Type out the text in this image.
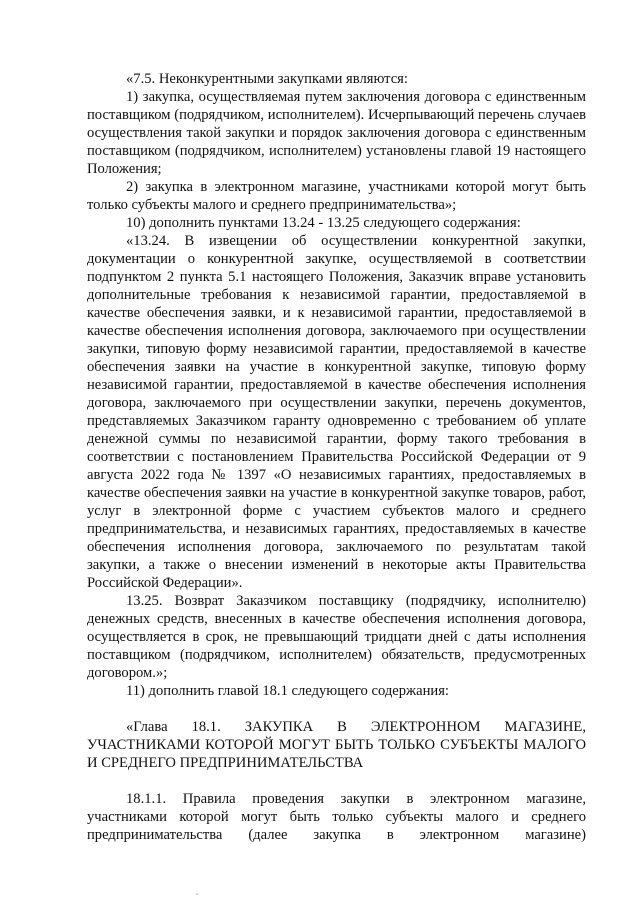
«7.5. Неконкурентными закупками являются:

1) закупка, осуществляемая путем заключения договора с единственным поставщиком (подрядчиком, исполнителем). Исчерпывающий перечень случаев осуществления такой закупки и порядок заключения договора с единственным поставщиком (подрядчиком, исполнителем) установлены главой 19 настоящего Положения;

2) закупка в электронном магазине, участниками которой могут быть только субъекты малого и среднего предпринимательства»;

10) дополнить пунктами 13.24 - 13.25 следующего содержания:

«13.24. В извещении об осуществлении конкурентной закупки, документации о конкурентной закупке, осуществляемой в соответствии подпунктом 2 пункта 5.1 настоящего Положения, Заказчик вправе установить дополнительные требования к независимой гарантии, предоставляемой в качестве обеспечения заявки, и к независимой гарантии, предоставляемой в качестве обеспечения исполнения договора, заключаемого при осуществлении закупки, типовую форму независимой гарантии, предоставляемой в качестве обеспечения заявки на участие в конкурентной закупке, типовую форму независимой гарантии, предоставляемой в качестве обеспечения исполнения договора, заключаемого при осуществлении закупки, перечень документов, представляемых Заказчиком гаранту одновременно с требованием об уплате денежной суммы по независимой гарантии, форму такого требования в соответствии с постановлением Правительства Российской Федерации от 9 августа 2022 года № 1397 «О независимых гарантиях, предоставляемых в качестве обеспечения заявки на участие в конкурентной закупке товаров, работ, услуг в электронной форме с участием субъектов малого и среднего предпринимательства, и независимых гарантиях, предоставляемых в качестве обеспечения исполнения договора, заключаемого по результатам такой закупки, а также о внесении изменений в некоторые акты Правительства Российской Федерации».

13.25. Возврат Заказчиком поставщику (подрядчику, исполнителю) денежных средств, внесенных в качестве обеспечения исполнения договора, осуществляется в срок, не превышающий тридцати дней с даты исполнения поставщиком (подрядчиком, исполнителем) обязательств, предусмотренных договором.»;

11) дополнить главой 18.1 следующего содержания:

«Глава 18.1. ЗАКУПКА В ЭЛЕКТРОННОМ МАГАЗИНЕ, УЧАСТНИКАМИ КОТОРОЙ МОГУТ БЫТЬ ТОЛЬКО СУБЪЕКТЫ МАЛОГО И СРЕДНЕГО ПРЕДПРИНИМАТЕЛЬСТВА

18.1.1. Правила проведения закупки в электронном магазине, участниками которой могут быть только субъекты малого и среднего предпринимательства (далее закупка в электронном магазине)
